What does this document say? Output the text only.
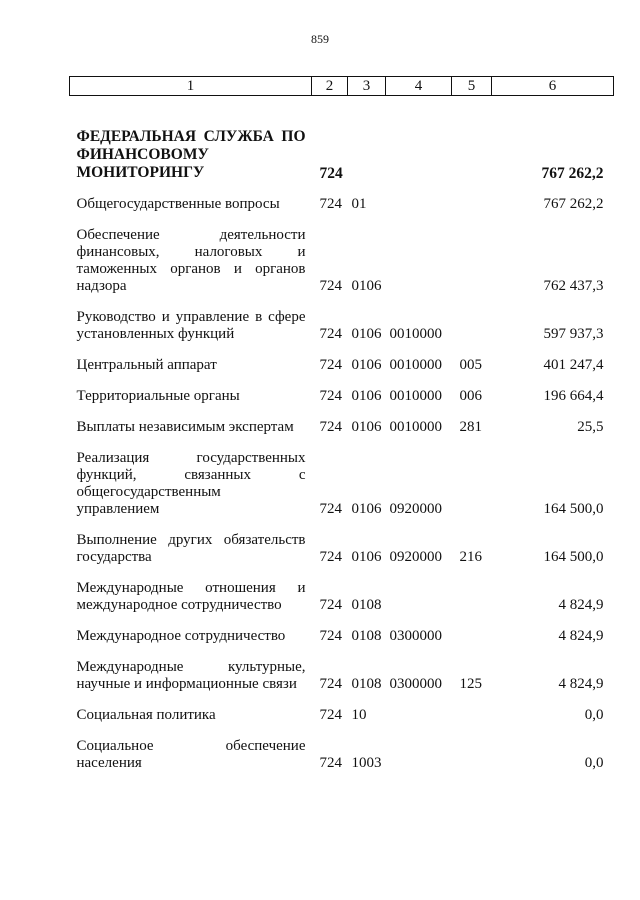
859
1	2	3	4	5	6

ФЕДЕРАЛЬНАЯ СЛУЖБА ПО ФИНАНСОВОМУ МОНИТОРИНГУ	724				767 262,2
Общегосударственные вопросы	724	01			767 262,2
Обеспечение деятельности финансовых, налоговых и таможенных органов и органов надзора	724	0106			762 437,3
Руководство и управление в сфере установленных функций	724	0106	0010000		597 937,3
Центральный аппарат	724	0106	0010000	005	401 247,4
Территориальные органы	724	0106	0010000	006	196 664,4
Выплаты независимым экспертам	724	0106	0010000	281	25,5
Реализация государственных функций, связанных с общегосударственным управлением	724	0106	0920000		164 500,0
Выполнение других обязательств государства	724	0106	0920000	216	164 500,0
Международные отношения и международное сотрудничество	724	0108			4 824,9
Международное сотрудничество	724	0108	0300000		4 824,9
Международные культурные, научные и информационные связи	724	0108	0300000	125	4 824,9
Социальная политика	724	10			0,0
Социальное обеспечение населения	724	1003			0,0
